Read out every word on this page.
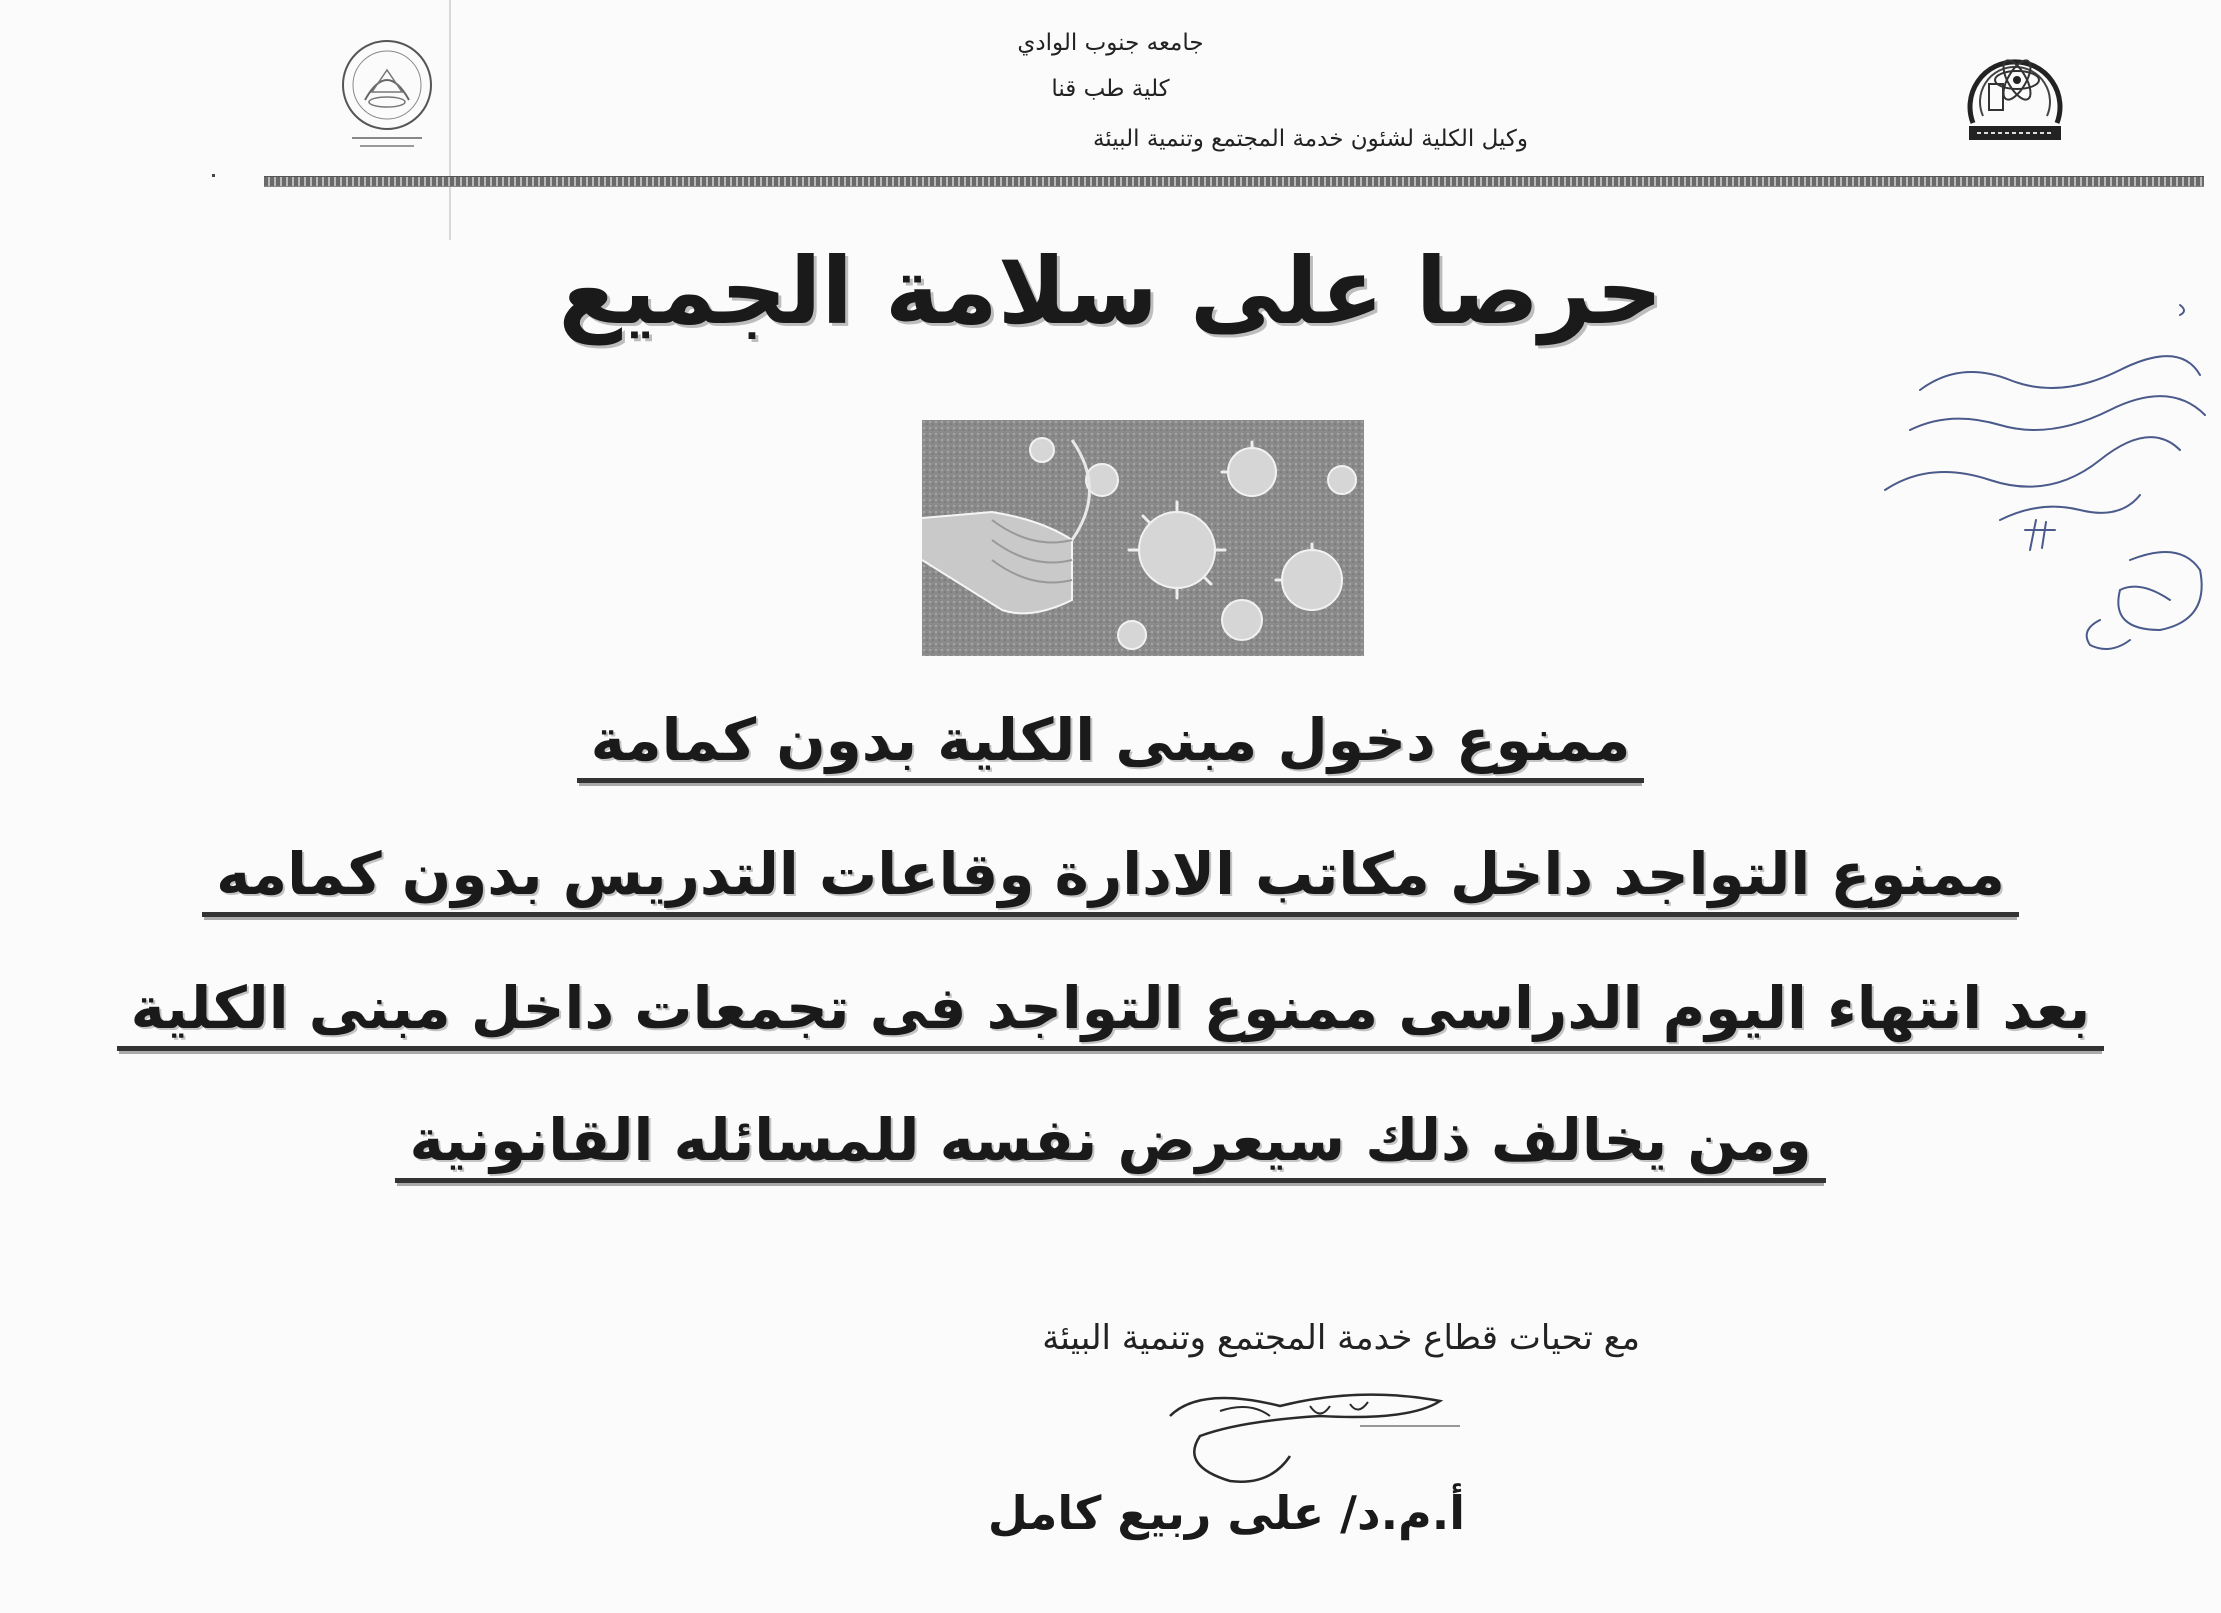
جامعه جنوب الوادي
كلية طب قنا
وكيل الكلية لشئون خدمة المجتمع وتنمية البيئة
حرصا على سلامة الجميع
ممنوع دخول مبنى الكلية بدون كمامة
ممنوع التواجد داخل مكاتب الادارة وقاعات التدريس بدون كمامه
بعد انتهاء اليوم الدراسى ممنوع التواجد فى تجمعات داخل مبنى الكلية
ومن يخالف ذلك سيعرض نفسه للمسائله القانونية
مع تحيات قطاع خدمة المجتمع وتنمية البيئة
أ.م.د/ على ربيع كامل
